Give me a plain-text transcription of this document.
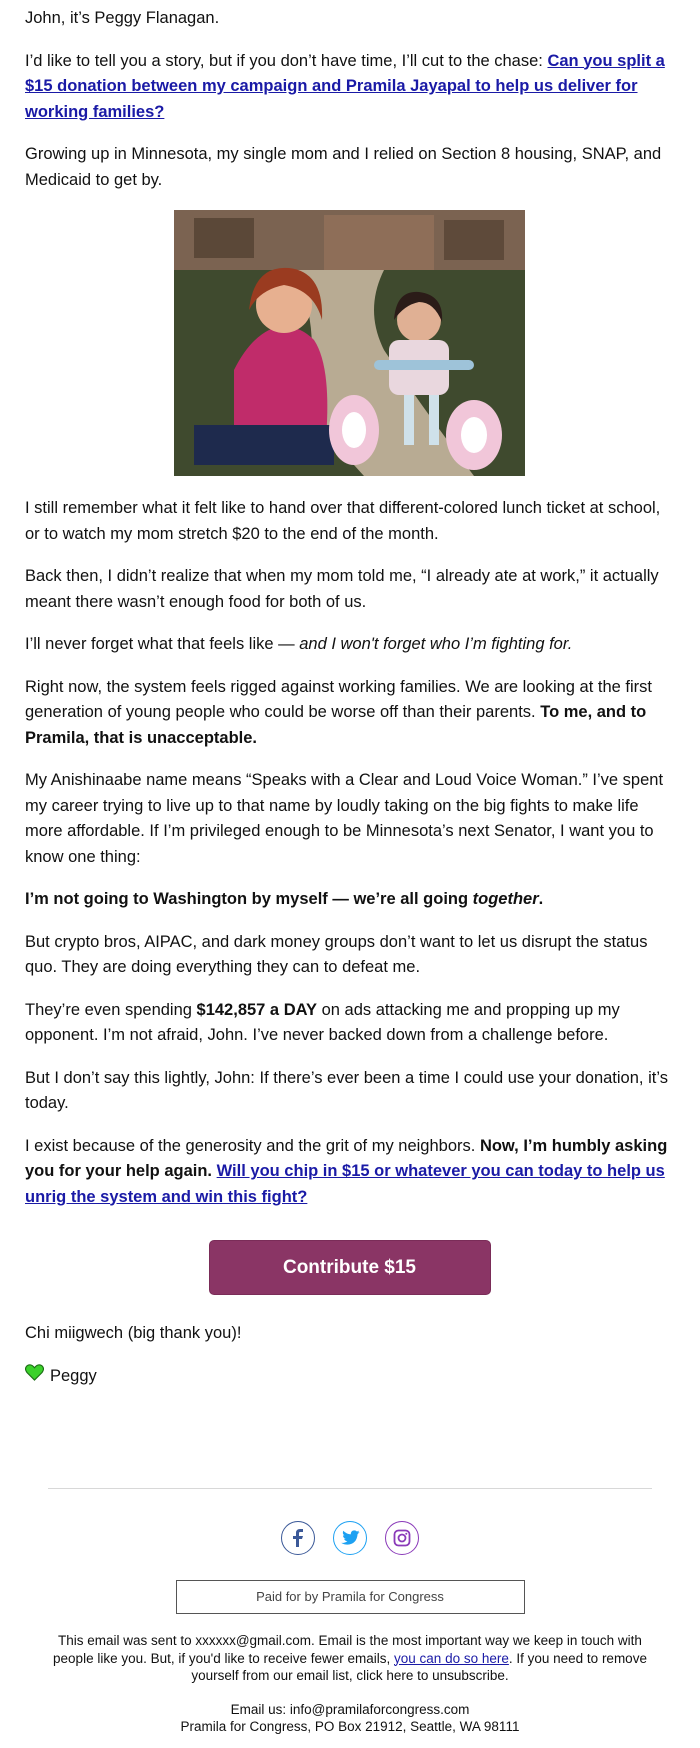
John, it’s Peggy Flanagan.

I’d like to tell you a story, but if you don’t have time, I’ll cut to the chase: Can you split a $15 donation between my campaign and Pramila Jayapal to help us deliver for working families?

Growing up in Minnesota, my single mom and I relied on Section 8 housing, SNAP, and Medicaid to get by.

I still remember what it felt like to hand over that different-colored lunch ticket at school, or to watch my mom stretch $20 to the end of the month.

Back then, I didn’t realize that when my mom told me, “I already ate at work,” it actually meant there wasn’t enough food for both of us.

I’ll never forget what that feels like — and I won't forget who I’m fighting for.

Right now, the system feels rigged against working families. We are looking at the first generation of young people who could be worse off than their parents. To me, and to Pramila, that is unacceptable.

My Anishinaabe name means “Speaks with a Clear and Loud Voice Woman.” I’ve spent my career trying to live up to that name by loudly taking on the big fights to make life more affordable. If I’m privileged enough to be Minnesota’s next Senator, I want you to know one thing:

I’m not going to Washington by myself — we’re all going together.

But crypto bros, AIPAC, and dark money groups don’t want to let us disrupt the status quo. They are doing everything they can to defeat me.

They’re even spending $142,857 a DAY on ads attacking me and propping up my opponent. I’m not afraid, John. I’ve never backed down from a challenge before.

But I don’t say this lightly, John: If there’s ever been a time I could use your donation, it’s today.

I exist because of the generosity and the grit of my neighbors. Now, I’m humbly asking you for your help again. Will you chip in $15 or whatever you can today to help us unrig the system and win this fight?

Contribute $15

Chi miigwech (big thank you)!

Peggy
Paid for by Pramila for Congress
This email was sent to xxxxxx@gmail.com. Email is the most important way we keep in touch with people like you. But, if you'd like to receive fewer emails, you can do so here. If you need to remove yourself from our email list, click here to unsubscribe.
Email us: info@pramilaforcongress.com
Pramila for Congress, PO Box 21912, Seattle, WA 98111
